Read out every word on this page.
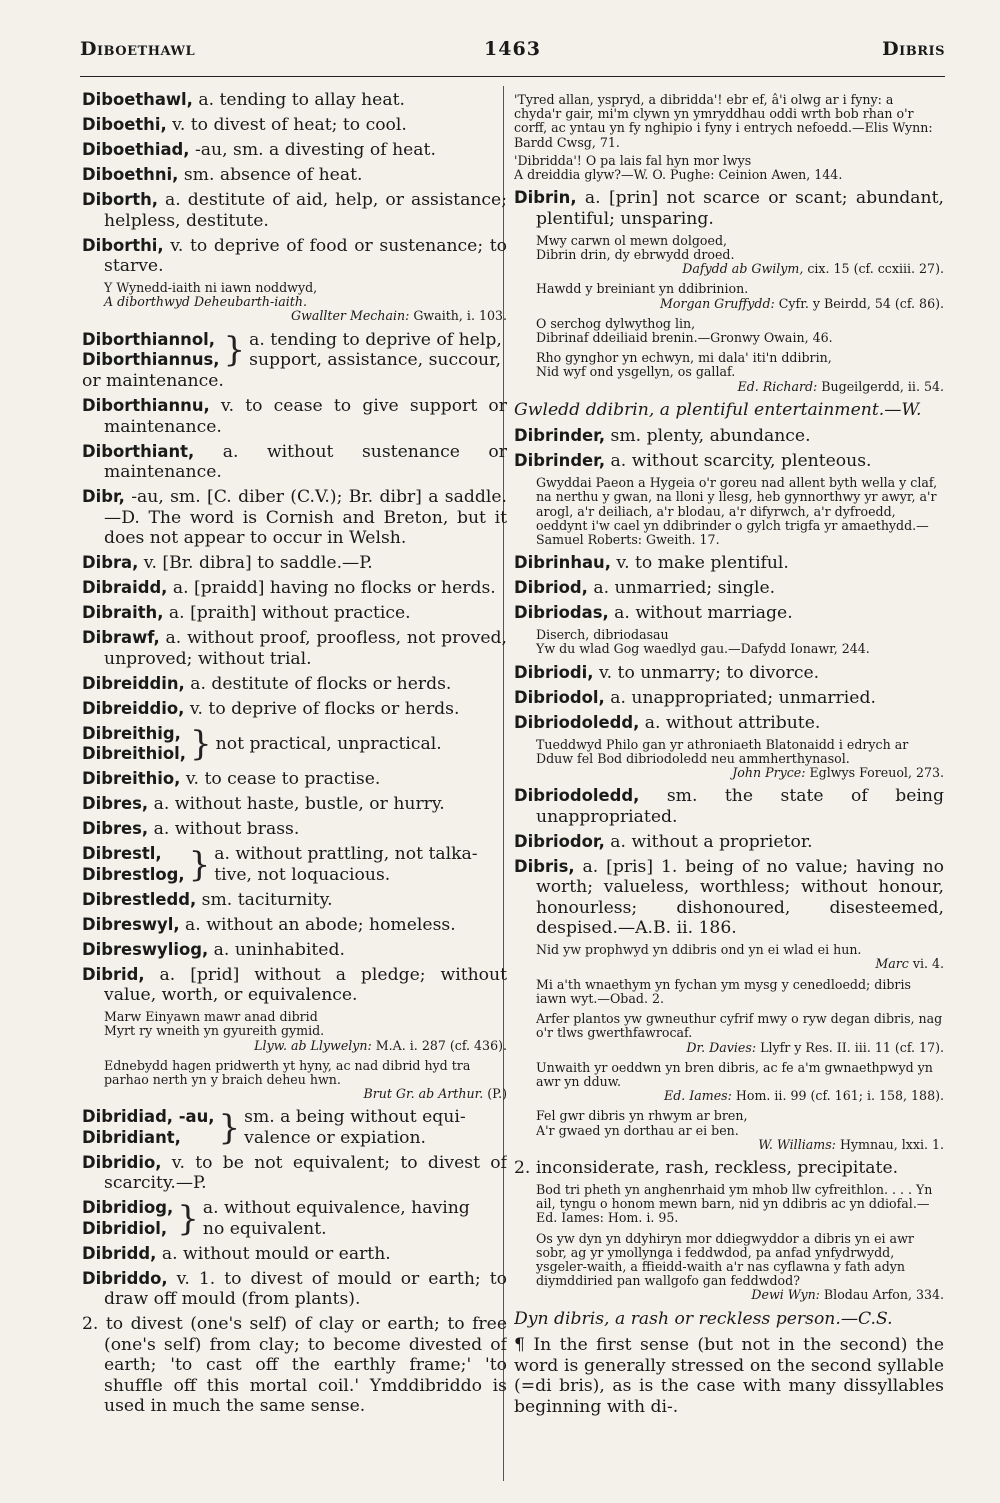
Diboethawl	1463	Dibris
Diboethawl, a. tending to allay heat.
Diboethi, v. to divest of heat; to cool.
Diboethiad, -au, sm. a divesting of heat.
Diboethni, sm. absence of heat.
Diborth, a. destitute of aid, help, or assistance; helpless, destitute.
Diborthi, v. to deprive of food or sustenance; to starve.
Y Wynedd-iaith ni iawn noddwyd,
A diborthwyd Deheubarth-iaith.
Gwallter Mechain: Gwaith, i. 103.
Diborthiannol,
Diborthiannus, } a. tending to deprive of help,
support, assistance, succour,
or maintenance.
Diborthiannu, v. to cease to give support or maintenance.
Diborthiant, a. without sustenance or maintenance.
Dibr, -au, sm. [C. diber (C.V.); Br. dibr] a saddle.—D. The word is Cornish and Breton, but it does not appear to occur in Welsh.
Dibra, v. [Br. dibra] to saddle.—P.
Dibraidd, a. [praidd] having no flocks or herds.
Dibraith, a. [praith] without practice.
Dibrawf, a. without proof, proofless, not proved, unproved; without trial.
Dibreiddin, a. destitute of flocks or herds.
Dibreiddio, v. to deprive of flocks or herds.
Dibreithig,
Dibreithiol, } not practical, unpractical.
Dibreithio, v. to cease to practise.
Dibres, a. without haste, bustle, or hurry.
Dibres, a. without brass.
Dibrestl,
Dibrestlog, } a. without prattling, not talka-
tive, not loquacious.
Dibrestledd, sm. taciturnity.
Dibreswyl, a. without an abode; homeless.
Dibreswyliog, a. uninhabited.
Dibrid, a. [prid] without a pledge; without value, worth, or equivalence.
Marw Einyawn mawr anad dibrid
Myrt ry wneith yn gyureith gymid.
Llyw. ab Llywelyn: M.A. i. 287 (cf. 436).
Ednebydd hagen pridwerth yt hyny, ac nad dibrid hyd tra parhao nerth yn y braich deheu hwn.
Brut Gr. ab Arthur. (P.)
Dibridiad, -au,
Dibridiant,	} sm. a being without equi-
valence or expiation.
Dibridio, v. to be not equivalent; to divest of scarcity.—P.
Dibridiog,
Dibridiol, } a. without equivalence, having
no equivalent.
Dibridd, a. without mould or earth.
Dibriddo, v. 1. to divest of mould or earth; to draw off mould (from plants).
2. to divest (one's self) of clay or earth; to free (one's self) from clay; to become divested of earth; 'to cast off the earthly frame;' 'to shuffle off this mortal coil.' Ymddibriddo is used in much the same sense.
'Tyred allan, yspryd, a dibridda'! ebr ef, â'i olwg ar i fyny: a chyda'r gair, mi'm clywn yn ymryddhau oddi wrth bob rhan o'r corff, ac yntau yn fy nghipio i fyny i entrych nefoedd.—Elis Wynn: Bardd Cwsg, 71.
'Dibridda'! O pa lais fal hyn mor lwys
A dreiddia glyw?—W. O. Pughe: Ceinion Awen, 144.
Dibrin, a. [prin] not scarce or scant; abundant, plentiful; unsparing.
Mwy carwn ol mewn dolgoed,
Dibrin drin, dy ebrwydd droed.
Dafydd ab Gwilym, cix. 15 (cf. ccxiii. 27).
Hawdd y breiniant yn ddibrinion.
Morgan Gruffydd: Cyfr. y Beirdd, 54 (cf. 86).
O serchog dylwythog lin,
Dibrinaf ddeiliaid brenin.—Gronwy Owain, 46.
Rho gynghor yn echwyn, mi dala' iti'n ddibrin,
Nid wyf ond ysgellyn, os gallaf.
Ed. Richard: Bugeilgerdd, ii. 54.
Gwledd ddibrin, a plentiful entertainment.—W.
Dibrinder, sm. plenty, abundance.
Dibrinder, a. without scarcity, plenteous.
Gwyddai Paeon a Hygeia o'r goreu nad allent byth wella y claf, na nerthu y gwan, na lloni y llesg, heb gynnorthwy yr awyr, a'r arogl, a'r deiliach, a'r blodau, a'r difyrwch, a'r dyfroedd, oeddynt i'w cael yn ddibrinder o gylch trigfa yr amaethydd.—Samuel Roberts: Gweith. 17.
Dibrinhau, v. to make plentiful.
Dibriod, a. unmarried; single.
Dibriodas, a. without marriage.
Diserch, dibriodasau
Yw du wlad Gog waedlyd gau.—Dafydd Ionawr, 244.
Dibriodi, v. to unmarry; to divorce.
Dibriodol, a. unappropriated; unmarried.
Dibriodoledd, a. without attribute.
Tueddwyd Philo gan yr athroniaeth Blatonaidd i edrych ar Dduw fel Bod dibriodoledd neu ammherthynasol.
John Pryce: Eglwys Foreuol, 273.
Dibriodoledd, sm. the state of being unappropriated.
Dibriodor, a. without a proprietor.
Dibris, a. [pris] 1. being of no value; having no worth; valueless, worthless; without honour, honourless; dishonoured, disesteemed, despised.—A.B. ii. 186.
Nid yw prophwyd yn ddibris ond yn ei wlad ei hun.
Marc vi. 4.
Mi a'th wnaethym yn fychan ym mysg y cenedloedd; dibris iawn wyt.—Obad. 2.
Arfer plantos yw gwneuthur cyfrif mwy o ryw degan dibris, nag o'r tlws gwerthfawrocaf.
Dr. Davies: Llyfr y Res. II. iii. 11 (cf. 17).
Unwaith yr oeddwn yn bren dibris, ac fe a'm gwnaethpwyd yn awr yn dduw.
Ed. Iames: Hom. ii. 99 (cf. 161; i. 158, 188).
Fel gwr dibris yn rhwym ar bren,
A'r gwaed yn dorthau ar ei ben.
W. Williams: Hymnau, lxxi. 1.
2. inconsiderate, rash, reckless, precipitate.
Bod tri pheth yn anghenrhaid ym mhob llw cyfreithlon. . . . Yn ail, tyngu o honom mewn barn, nid yn ddibris ac yn ddiofal.—Ed. Iames: Hom. i. 95.
Os yw dyn yn ddyhiryn mor ddiegwyddor a dibris yn ei awr sobr, ag yr ymollynga i feddwdod, pa anfad ynfydrwydd, ysgeler-waith, a ffieidd-waith a'r nas cyflawna y fath adyn diymddiried pan wallgofo gan feddwdod?
Dewi Wyn: Blodau Arfon, 334.
Dyn dibris, a rash or reckless person.—C.S.
¶ In the first sense (but not in the second) the word is generally stressed on the second syllable (=di bris), as is the case with many dissyllables beginning with di-.
